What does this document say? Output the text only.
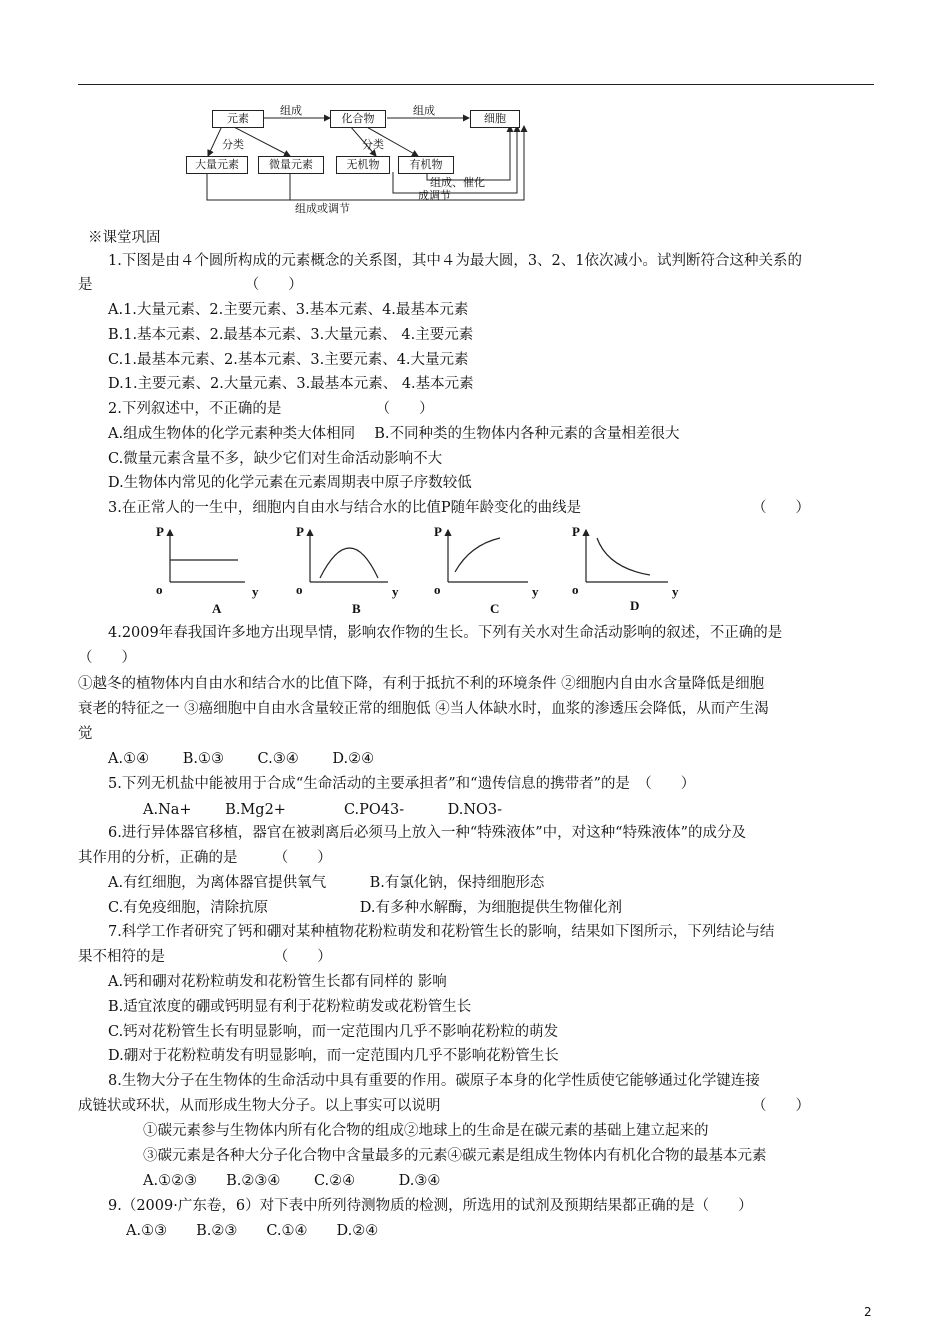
元素	化合物	细胞
大量元素	微量元素	无机物	有机物
组成	组成
分类	分类
组成、催化
成调节
组成或调节
※课堂巩固
1.下图是由４个圆所构成的元素概念的关系图，其中４为最大圆，3、2、1依次减小。试判断符合这种关系的
是　　　　　　　　　　　（　　）
A.1.大量元素、2.主要元素、3.基本元素、4.最基本元素
B.1.基本元素、2.最基本元素、3.大量元素、 4.主要元素
C.1.最基本元素、2.基本元素、3.主要元素、4.大量元素
D.1.主要元素、2.大量元素、3.最基本元素、 4.基本元素
2.下列叙述中，不正确的是　　　　　　　（　　）
A.组成生物体的化学元素种类大体相同　 B.不同种类的生物体内各种元素的含量相差很大
C.微量元素含量不多，缺少它们对生命活动影响不大
D.生物体内常见的化学元素在元素周期表中原子序数较低
3.在正常人的一生中，细胞内自由水与结合水的比值P随年龄变化的曲线是	（　　）
P
o	y
A
P
o	y
B
P
o	y
C
P
o	y
D
4.2009年春我国许多地方出现旱情，影响农作物的生长。下列有关水对生命活动影响的叙述，不正确的是
（　　）
①越冬的植物体内自由水和结合水的比值下降，有利于抵抗不利的环境条件 ②细胞内自由水含量降低是细胞
衰老的特征之一 ③癌细胞中自由水含量较正常的细胞低 ④当人体缺水时，血浆的渗透压会降低，从而产生渴
觉
A.①④　　 B.①③　　 C.③④　　 D.②④
5.下列无机盐中能被用于合成“生命活动的主要承担者”和“遗传信息的携带者”的是　（　　）
A.Na+　　 B.Mg2+　　　　C.PO43-　　　D.NO3-
6.进行异体器官移植，器官在被剥离后必须马上放入一种“特殊液体”中，对这种“特殊液体”的成分及
其作用的分析，正确的是　　　（　　）
A.有红细胞，为离体器官提供氧气　　　B.有氯化钠，保持细胞形态
C.有免疫细胞，清除抗原　　　　　　 D.有多种水解酶，为细胞提供生物催化剂
7.科学工作者研究了钙和硼对某种植物花粉粒萌发和花粉管生长的影响，结果如下图所示，下列结论与结
果不相符的是　　　　　　　　（　　）
A.钙和硼对花粉粒萌发和花粉管生长都有同样的 影响
B.适宜浓度的硼或钙明显有利于花粉粒萌发或花粉管生长
C.钙对花粉管生长有明显影响，而一定范围内几乎不影响花粉粒的萌发
D.硼对于花粉粒萌发有明显影响，而一定范围内几乎不影响花粉管生长
8.生物大分子在生物体的生命活动中具有重要的作用。碳原子本身的化学性质使它能够通过化学键连接
成链状或环状，从而形成生物大分子。以上事实可以说明	（　　）
①碳元素参与生物体内所有化合物的组成②地球上的生命是在碳元素的基础上建立起来的
③碳元素是各种大分子化合物中含量最多的元素④碳元素是组成生物体内有机化合物的最基本元素
A.①②③　　B.②③④　　 C.②④　　　D.③④
9.（2009·广东卷，6）对下表中所列待测物质的检测，所选用的试剂及预期结果都正确的是（　　）
A.①③　　B.②③　　C.①④　　D.②④
2
